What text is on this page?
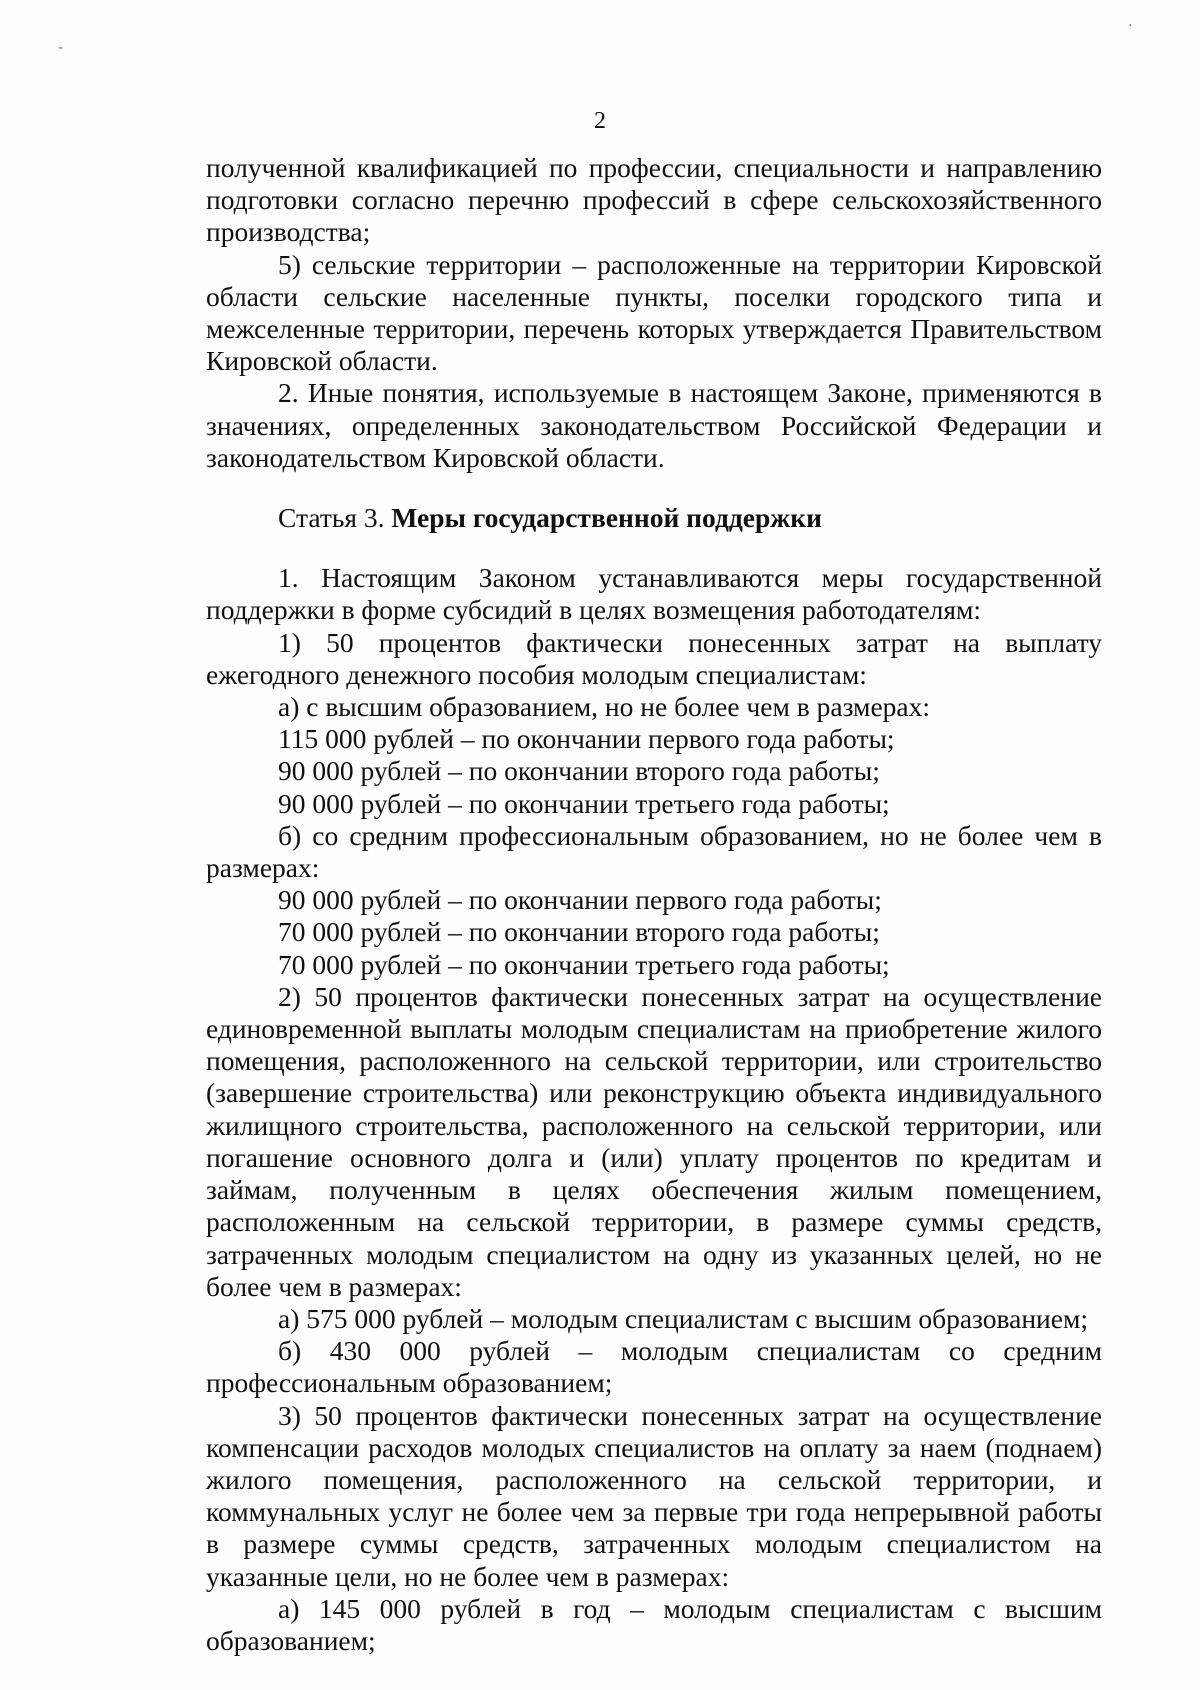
-
·
2

полученной квалификацией по профессии, специальности и направлению подготовки согласно перечню профессий в сфере сельскохозяйственного производства;

5) сельские территории – расположенные на территории Кировской области сельские населенные пункты, поселки городского типа и межселенные территории, перечень которых утверждается Правительством Кировской области.

2. Иные понятия, используемые в настоящем Законе, применяются в значениях, определенных законодательством Российской Федерации и законодательством Кировской области.

Статья 3. Меры государственной поддержки

1. Настоящим Законом устанавливаются меры государственной поддержки в форме субсидий в целях возмещения работодателям:

1) 50 процентов фактически понесенных затрат на выплату ежегодного денежного пособия молодым специалистам:

а) с высшим образованием, но не более чем в размерах:

115 000 рублей – по окончании первого года работы;

90 000 рублей – по окончании второго года работы;

90 000 рублей – по окончании третьего года работы;

б) со средним профессиональным образованием, но не более чем в размерах:

90 000 рублей – по окончании первого года работы;

70 000 рублей – по окончании второго года работы;

70 000 рублей – по окончании третьего года работы;

2) 50 процентов фактически понесенных затрат на осуществление единовременной выплаты молодым специалистам на приобретение жилого помещения, расположенного на сельской территории, или строительство (завершение строительства) или реконструкцию объекта индивидуального жилищного строительства, расположенного на сельской территории, или погашение основного долга и (или) уплату процентов по кредитам и займам, полученным в целях обеспечения жилым помещением, расположенным на сельской территории, в размере суммы средств, затраченных молодым специалистом на одну из указанных целей, но не более чем в размерах:

а) 575 000 рублей – молодым специалистам с высшим образованием;

б) 430 000 рублей – молодым специалистам со средним профессиональным образованием;

3) 50 процентов фактически понесенных затрат на осуществление компенсации расходов молодых специалистов на оплату за наем (поднаем) жилого помещения, расположенного на сельской территории, и коммунальных услуг не более чем за первые три года непрерывной работы в размере суммы средств, затраченных молодым специалистом на указанные цели, но не более чем в размерах:

а) 145 000 рублей в год – молодым специалистам с высшим образованием;
